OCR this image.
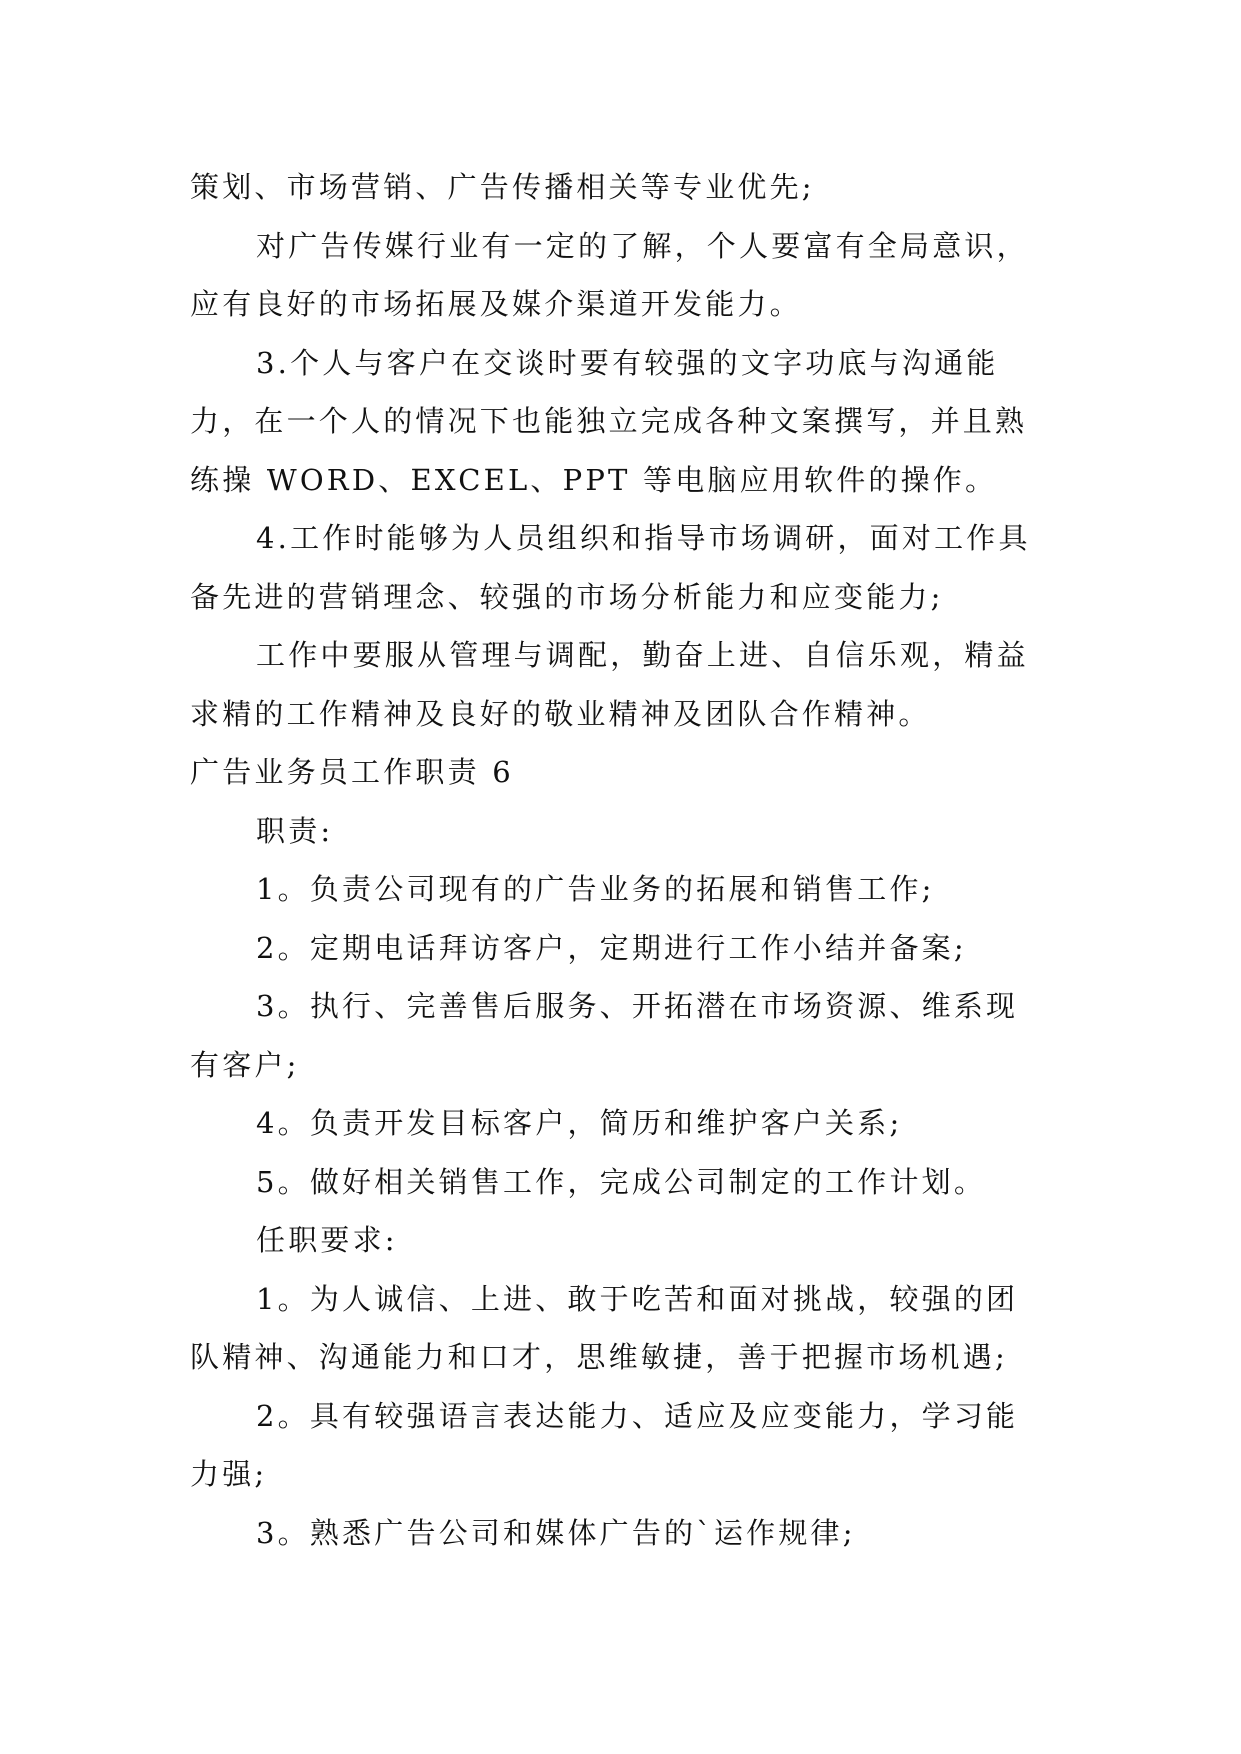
策划、市场营销、广告传播相关等专业优先;
对广告传媒行业有一定的了解，个人要富有全局意识，
应有良好的市场拓展及媒介渠道开发能力。
3.个人与客户在交谈时要有较强的文字功底与沟通能
力，在一个人的情况下也能独立完成各种文案撰写，并且熟
练操 WORD、EXCEL、PPT 等电脑应用软件的操作。
4.工作时能够为人员组织和指导市场调研，面对工作具
备先进的营销理念、较强的市场分析能力和应变能力;
工作中要服从管理与调配，勤奋上进、自信乐观，精益
求精的工作精神及良好的敬业精神及团队合作精神。
广告业务员工作职责 6
职责:
1。负责公司现有的广告业务的拓展和销售工作;
2。定期电话拜访客户，定期进行工作小结并备案;
3。执行、完善售后服务、开拓潜在市场资源、维系现
有客户;
4。负责开发目标客户，简历和维护客户关系;
5。做好相关销售工作，完成公司制定的工作计划。
任职要求:
1。为人诚信、上进、敢于吃苦和面对挑战，较强的团
队精神、沟通能力和口才，思维敏捷，善于把握市场机遇;
2。具有较强语言表达能力、适应及应变能力，学习能
力强;
3。熟悉广告公司和媒体广告的`运作规律;
